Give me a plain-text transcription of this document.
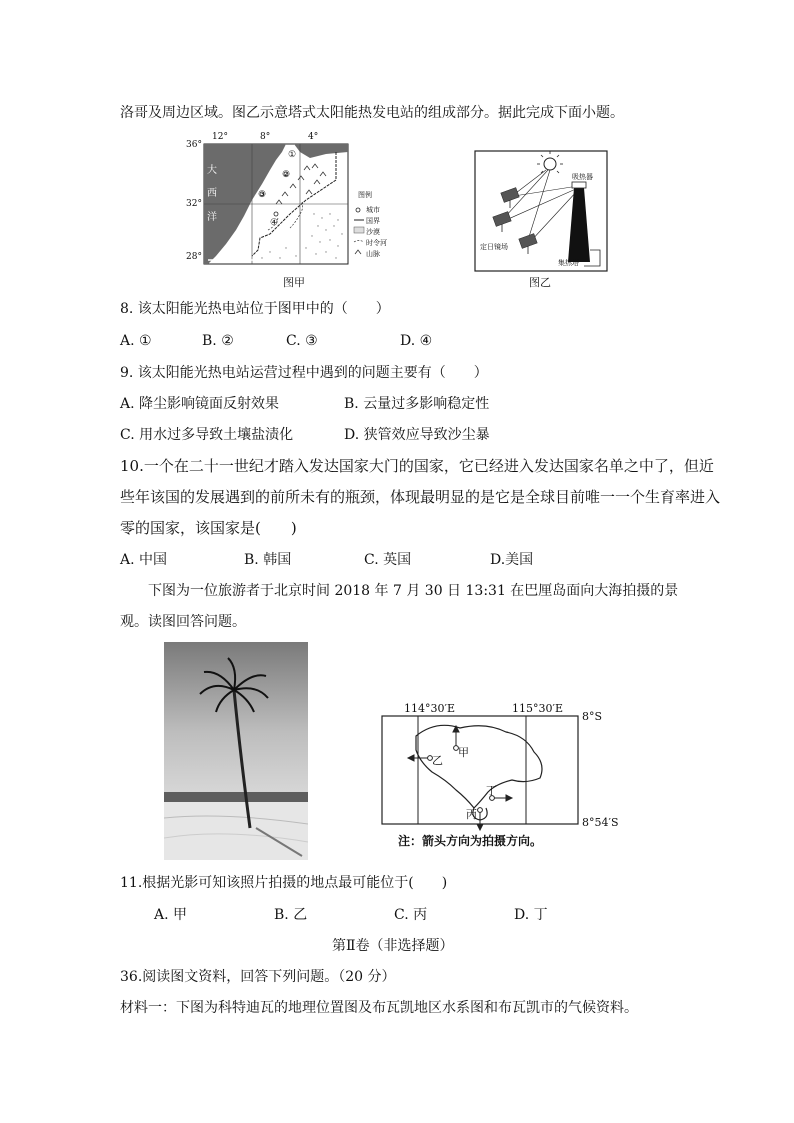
洛哥及周边区域。图乙示意塔式太阳能热发电站的组成部分。据此完成下面小题。
12°	8°	4°
36°
32°
28°
大
西
洋
①
②
③
④
图例
城市
国界
沙漠
时令河
山脉
图甲
吸热器
定日镜场
集热塔
图乙
8. 该太阳能光热电站位于图甲中的（　　）
A. ①	B. ②	C. ③	D. ④
9. 该太阳能光热电站运营过程中遇到的问题主要有（　　）
A. 降尘影响镜面反射效果	B. 云量过多影响稳定性
C. 用水过多导致土壤盐渍化	D. 狭管效应导致沙尘暴
10.一个在二十一世纪才踏入发达国家大门的国家，它已经进入发达国家名单之中了，但近
些年该国的发展遇到的前所未有的瓶颈，体现最明显的是它是全球目前唯一一个生育率进入
零的国家，该国家是(　　)
A. 中国	B. 韩国	C. 英国	D.美国
下图为一位旅游者于北京时间 2018 年 7 月 30 日 13:31 在巴厘岛面向大海拍摄的景
观。读图回答问题。
114°30′E	115°30′E
8°S
8°54′S
甲
乙
丙
丁
注：箭头方向为拍摄方向。
11.根据光影可知该照片拍摄的地点最可能位于(　　)
A. 甲	B. 乙	C. 丙	D. 丁
第Ⅱ卷（非选择题）
36.阅读图文资料，回答下列问题。（20 分）
材料一：下图为科特迪瓦的地理位置图及布瓦凯地区水系图和布瓦凯市的气候资料。
